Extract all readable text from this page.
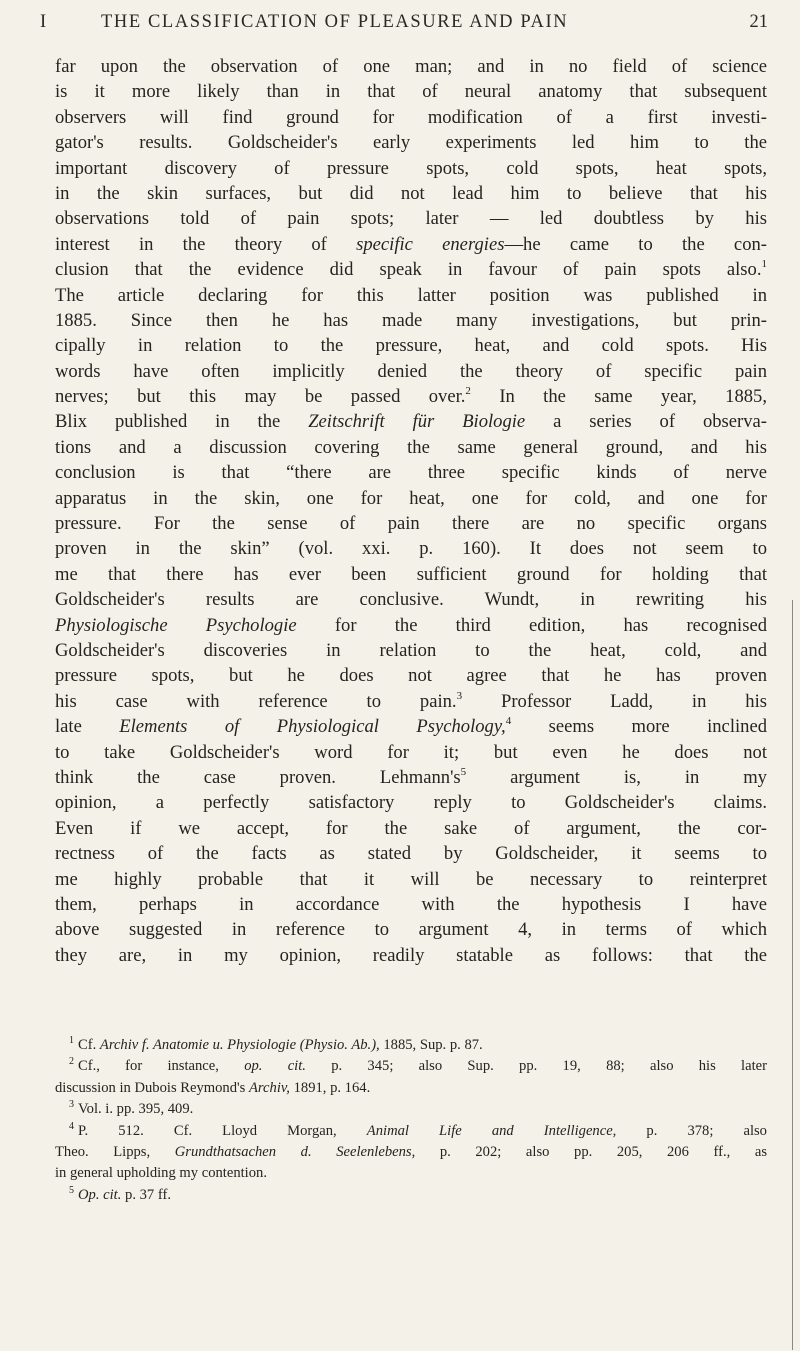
I	THE CLASSIFICATION OF PLEASURE AND PAIN	21
far upon the observation of one man; and in no field of science
is it more likely than in that of neural anatomy that subsequent
observers will find ground for modification of a first investi-
gator's results. Goldscheider's early experiments led him to the
important discovery of pressure spots, cold spots, heat spots,
in the skin surfaces, but did not lead him to believe that his
observations told of pain spots; later — led doubtless by his
interest in the theory of specific energies—he came to the con-
clusion that the evidence did speak in favour of pain spots also.$^1$
The article declaring for this latter position was published in
1885. Since then he has made many investigations, but prin-
cipally in relation to the pressure, heat, and cold spots. His
words have often implicitly denied the theory of specific pain
nerves; but this may be passed over.$^2$ In the same year, 1885,
Blix published in the Zeitschrift für Biologie a series of observa-
tions and a discussion covering the same general ground, and his
conclusion is that “there are three specific kinds of nerve
apparatus in the skin, one for heat, one for cold, and one for
pressure. For the sense of pain there are no specific organs
proven in the skin” (vol. xxi. p. 160). It does not seem to
me that there has ever been sufficient ground for holding that
Goldscheider's results are conclusive. Wundt, in rewriting his
Physiologische Psychologie for the third edition, has recognised
Goldscheider's discoveries in relation to the heat, cold, and
pressure spots, but he does not agree that he has proven
his case with reference to pain.$^3$ Professor Ladd, in his
late Elements of Physiological Psychology,$^4$ seems more inclined
to take Goldscheider's word for it; but even he does not
think the case proven. $Lehmann's^5$ argument is, in my
opinion, a perfectly satisfactory reply to Goldscheider's claims.
Even if we accept, for the sake of argument, the cor-
rectness of the facts as stated by Goldscheider, it seems to
me highly probable that it will be necessary to reinterpret
them, perhaps in accordance with the hypothesis I have
above suggested in reference to argument 4, in terms of which
they are, in my opinion, readily statable as follows: that the
$^1$ Cf. Archiv f. Anatomie u. Physiologie (Physio. Ab.), 1885, Sup. p. 87.
$^2$ Cf., for instance, op. cit. p. 345; also Sup. pp. 19, 88; also his later
discussion in Dubois Reymond's Archiv, 1891, p. 164.
$^3$ Vol. i. pp. 395, 409.
$^4$ P. 512. Cf. Lloyd Morgan, Animal Life and Intelligence, p. 378; also
Theo. Lipps, Grundthatsachen d. Seelenlebens, p. 202; also pp. 205, 206 ff., as
in general upholding my contention.
$^5$ Op. cit. p. 37 ff.
